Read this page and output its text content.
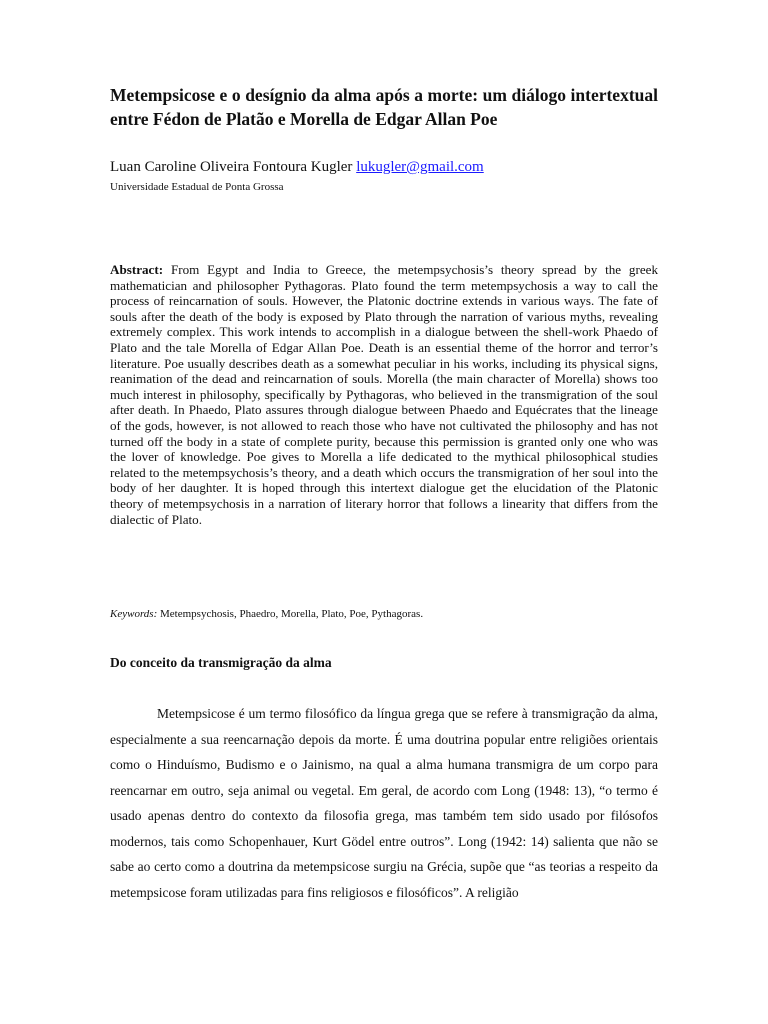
Metempsicose e o desígnio da alma após a morte: um diálogo intertextual entre Fédon de Platão e Morella de Edgar Allan Poe
Luan Caroline Oliveira Fontoura Kugler lukugler@gmail.com
Universidade Estadual de Ponta Grossa

Abstract: From Egypt and India to Greece, the metempsychosis’s theory spread by the greek mathematician and philosopher Pythagoras. Plato found the term metempsychosis a way to call the process of reincarnation of souls. However, the Platonic doctrine extends in various ways. The fate of souls after the death of the body is exposed by Plato through the narration of various myths, revealing extremely complex. This work intends to accomplish in a dialogue between the shell-work Phaedo of Plato and the tale Morella of Edgar Allan Poe. Death is an essential theme of the horror and terror’s literature. Poe usually describes death as a somewhat peculiar in his works, including its physical signs, reanimation of the dead and reincarnation of souls. Morella (the main character of Morella) shows too much interest in philosophy, specifically by Pythagoras, who believed in the transmigration of the soul after death. In Phaedo, Plato assures through dialogue between Phaedo and Equécrates that the lineage of the gods, however, is not allowed to reach those who have not cultivated the philosophy and has not turned off the body in a state of complete purity, because this permission is granted only one who was the lover of knowledge. Poe gives to Morella a life dedicated to the mythical philosophical studies related to the metempsychosis’s theory, and a death which occurs the transmigration of her soul into the body of her daughter. It is hoped through this intertext dialogue get the elucidation of the Platonic theory of metempsychosis in a narration of literary horror that follows a linearity that differs from the dialectic of Plato.

Keywords: Metempsychosis, Phaedro, Morella, Plato, Poe, Pythagoras.
Do conceito da transmigração da alma

Metempsicose é um termo filosófico da língua grega que se refere à transmigração da alma, especialmente a sua reencarnação depois da morte. É uma doutrina popular entre religiões orientais como o Hinduísmo, Budismo e o Jainismo, na qual a alma humana transmigra de um corpo para reencarnar em outro, seja animal ou vegetal. Em geral, de acordo com Long (1948: 13), “o termo é usado apenas dentro do contexto da filosofia grega, mas também tem sido usado por filósofos modernos, tais como Schopenhauer, Kurt Gödel entre outros”. Long (1942: 14) salienta que não se sabe ao certo como a doutrina da metempsicose surgiu na Grécia, supõe que “as teorias a respeito da metempsicose foram utilizadas para fins religiosos e filosóficos”. A religião
